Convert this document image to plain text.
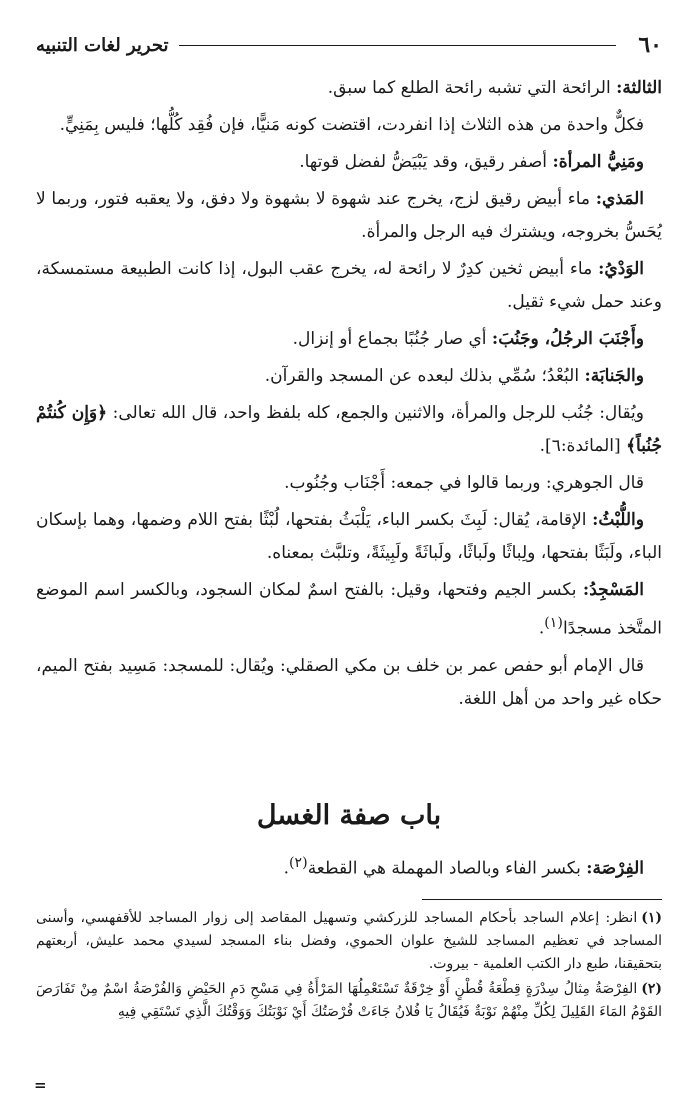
٦٠
تحرير لغات التنبيه

الثالثة: الرائحة التي تشبه رائحة الطلع كما سبق.

فكلٌّ واحدة من هذه الثلاث إذا انفردت، اقتضت كونه مَنيًّا، فإن فُقِد كُلُّها؛ فليس بِمَنِيٍّ.

ومَنِيُّ المرأة: أصفر رقيق، وقد يَبْيَضُّ لفضل قوتها.

المَذي: ماء أبيض رقيق لزج، يخرج عند شهوة لا بشهوة ولا دفق، ولا يعقبه فتور، وربما لا يُحَسُّ بخروجه، ويشترك فيه الرجل والمرأة.

الوَدْيُ: ماء أبيض ثخين كدِرٌ لا رائحة له، يخرج عقب البول، إذا كانت الطبيعة مستمسكة، وعند حمل شيء ثقيل.

وأَجْنَبَ الرجُلُ، وجَنُبَ: أي صار جُنُبًا بجماع أو إنزال.

والجَنابَة: البُعْدُ؛ سُمِّي بذلك لبعده عن المسجد والقرآن.

ويُقال: جُنُب للرجل والمرأة، والاثنين والجمع، كله بلفظ واحد، قال الله تعالى: ﴿وَإِن كُنتُمْ جُنُباً﴾ [المائدة:٦].

قال الجوهري: وربما قالوا في جمعه: أَجْنَاب وجُنُوب.

واللُّبْثُ: الإقامة، يُقال: لَبِثَ بكسر الباء، يَلْبَثُ بفتحها، لُبْثًا بفتح اللام وضمها، وهما بإسكان الباء، ولَبَثًا بفتحها، ولِباثًا ولَباثًا، ولَباثَةً ولَبِيثَةً، وتلبَّث بمعناه.

المَسْجِدُ: بكسر الجيم وفتحها، وقيل: بالفتح اسمٌ لمكان السجود، وبالكسر اسم الموضع المتَّخذ مسجدًا$^{(١)}$.

قال الإمام أبو حفص عمر بن خلف بن مكي الصقلي: ويُقال: للمسجد: مَسِيد بفتح الميم، حكاه غير واحد من أهل اللغة.

باب صفة الغسل
الفِرْصَة: بكسر الفاء وبالصاد المهملة هي القطعة$^{(٢)}$.

(١)انظر: إعلام الساجد بأحكام المساجد للزركشي وتسهيل المقاصد إلى زوار المساجد للأقفهسي، وأسنى المساجد في تعظيم المساجد للشيخ علوان الحموي، وفضل بناء المسجد لسيدي محمد عليش، أربعتهم بتحقيقنا، طبع دار الكتب العلمية - بيروت.

(٢)الفِرْصَةُ مِثالُ سِدْرَةٍ قِطْعَةُ قُطْنٍ أَوْ خِرْقَةٌ تَسْتَعْمِلُهَا المَرْأَةُ فِي مَسْحِ دَمِ الحَيْضِ وَالفُرْصَةُ اسْمٌ مِنْ تَفَارَصَ القَوْمُ المَاءَ القَلِيلَ لِكُلِّ مِنْهُمْ نَوْبَةٌ فَيُقَالُ يَا فُلانُ جَاءَتْ فُرْصَتُكَ أَيْ نَوْبَتُكَ وَوَقْتُكَ الَّذِي تَسْتَقِي فِيهِ

=
